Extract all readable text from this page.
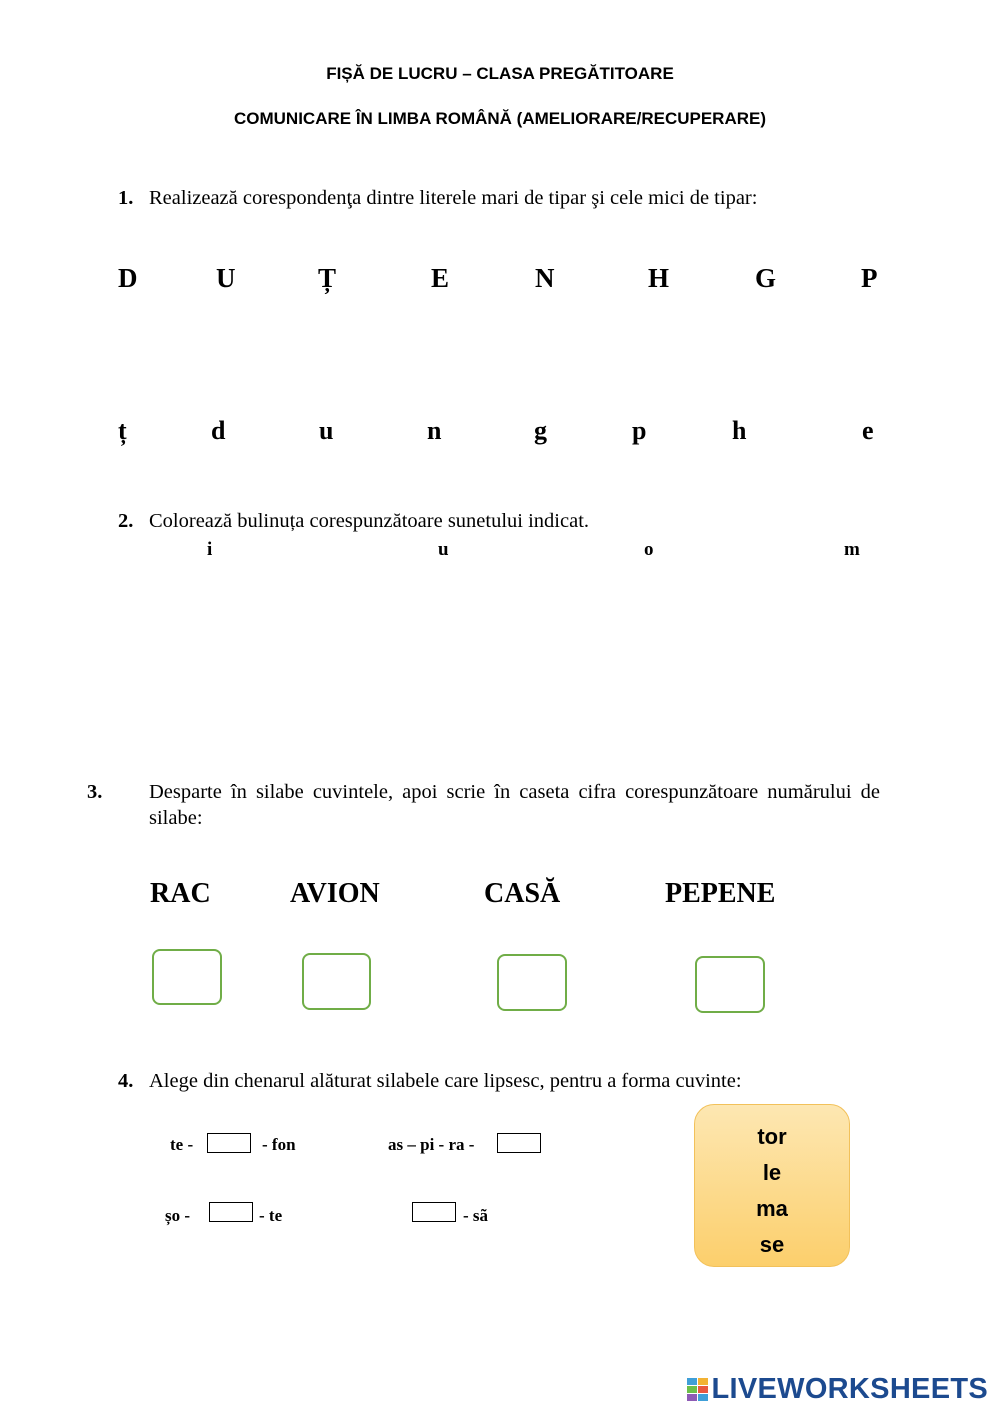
FIȘĂ DE LUCRU – CLASA PREGĂTITOARE
COMUNICARE ÎN LIMBA ROMÂNĂ (AMELIORARE/RECUPERARE)
1. Realizează corespondenţa dintre literele mari de tipar şi cele mici de tipar:
D	U	Ț	E	N	H	G	P
ț	d	u	n	g	p	h	e
2. Colorează bulinuța corespunzătoare sunetului indicat.
i	u	o	m
3. Desparte în silabe cuvintele, apoi scrie în caseta cifra corespunzătoare numărului de silabe:
RAC	AVION	CASĂ	PEPENE
4. Alege din chenarul alăturat silabele care lipsesc, pentru a forma cuvinte:
te -	- fon	as – pi - ra -
șo -	- te	- sã
tor
le
ma
se
LIVEWORKSHEETS
